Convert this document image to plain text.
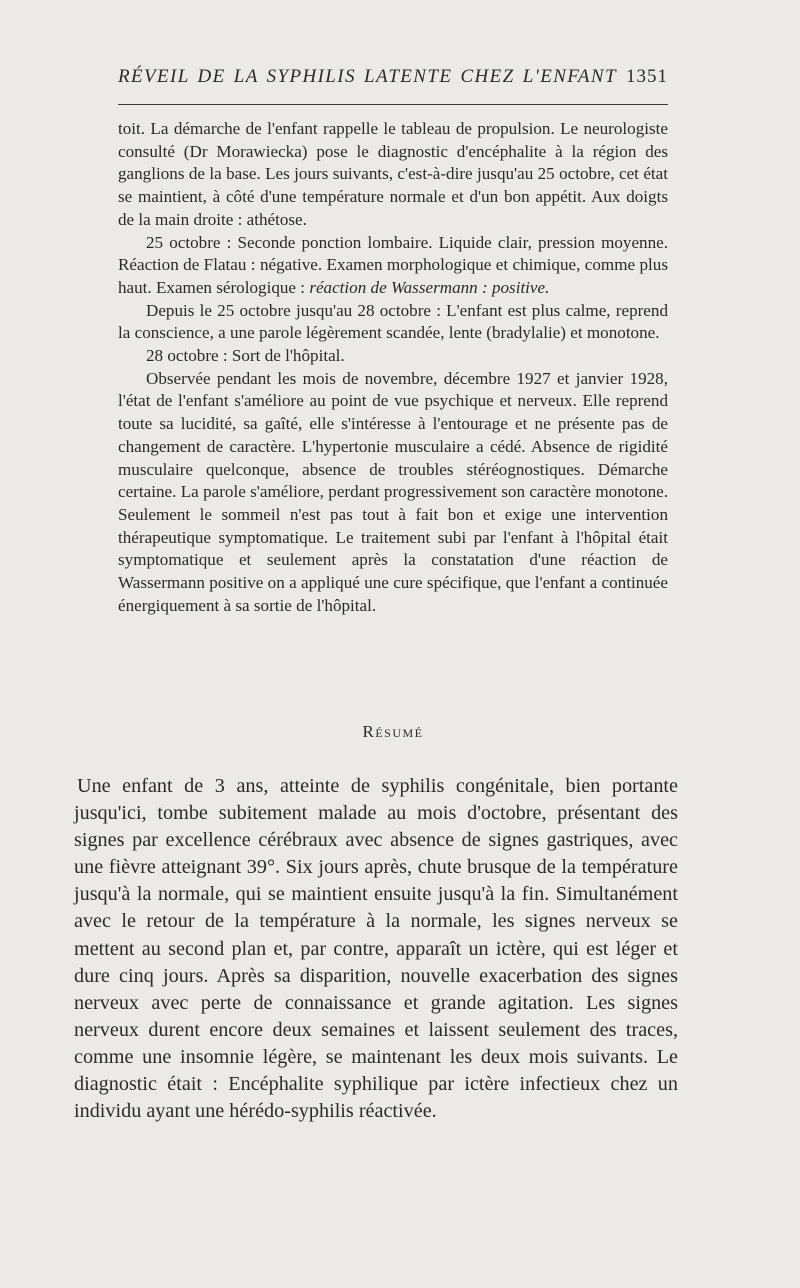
RÉVEIL DE LA SYPHILIS LATENTE CHEZ L'ENFANT 1351

toit. La démarche de l'enfant rappelle le tableau de propulsion. Le neurologiste consulté (Dr Morawiecka) pose le diagnostic d'encéphalite à la région des ganglions de la base. Les jours suivants, c'est-à-dire jusqu'au 25 octobre, cet état se maintient, à côté d'une température normale et d'un bon appétit. Aux doigts de la main droite : athétose.

25 octobre : Seconde ponction lombaire. Liquide clair, pression moyenne. Réaction de Flatau : négative. Examen morphologique et chimique, comme plus haut. Examen sérologique : réaction de Wassermann : positive.

Depuis le 25 octobre jusqu'au 28 octobre : L'enfant est plus calme, reprend la conscience, a une parole légèrement scandée, lente (bradylalie) et monotone.

28 octobre : Sort de l'hôpital.

Observée pendant les mois de novembre, décembre 1927 et janvier 1928, l'état de l'enfant s'améliore au point de vue psychique et nerveux. Elle reprend toute sa lucidité, sa gaîté, elle s'intéresse à l'entourage et ne présente pas de changement de caractère. L'hypertonie musculaire a cédé. Absence de rigidité musculaire quelconque, absence de troubles stéréognostiques. Démarche certaine. La parole s'améliore, perdant progressivement son caractère monotone. Seulement le sommeil n'est pas tout à fait bon et exige une intervention thérapeutique symptomatique. Le traitement subi par l'enfant à l'hôpital était symptomatique et seulement après la constatation d'une réaction de Wassermann positive on a appliqué une cure spécifique, que l'enfant a continuée énergiquement à sa sortie de l'hôpital.

Résumé

Une enfant de 3 ans, atteinte de syphilis congénitale, bien portante jusqu'ici, tombe subitement malade au mois d'octobre, présentant des signes par excellence cérébraux avec absence de signes gastriques, avec une fièvre atteignant 39°. Six jours après, chute brusque de la température jusqu'à la normale, qui se maintient ensuite jusqu'à la fin. Simultanément avec le retour de la température à la normale, les signes nerveux se mettent au second plan et, par contre, apparaît un ictère, qui est léger et dure cinq jours. Après sa disparition, nouvelle exacerbation des signes nerveux avec perte de connaissance et grande agitation. Les signes nerveux durent encore deux semaines et laissent seulement des traces, comme une insomnie légère, se maintenant les deux mois suivants. Le diagnostic était : Encéphalite syphilique par ictère infectieux chez un individu ayant une hérédo-syphilis réactivée.
